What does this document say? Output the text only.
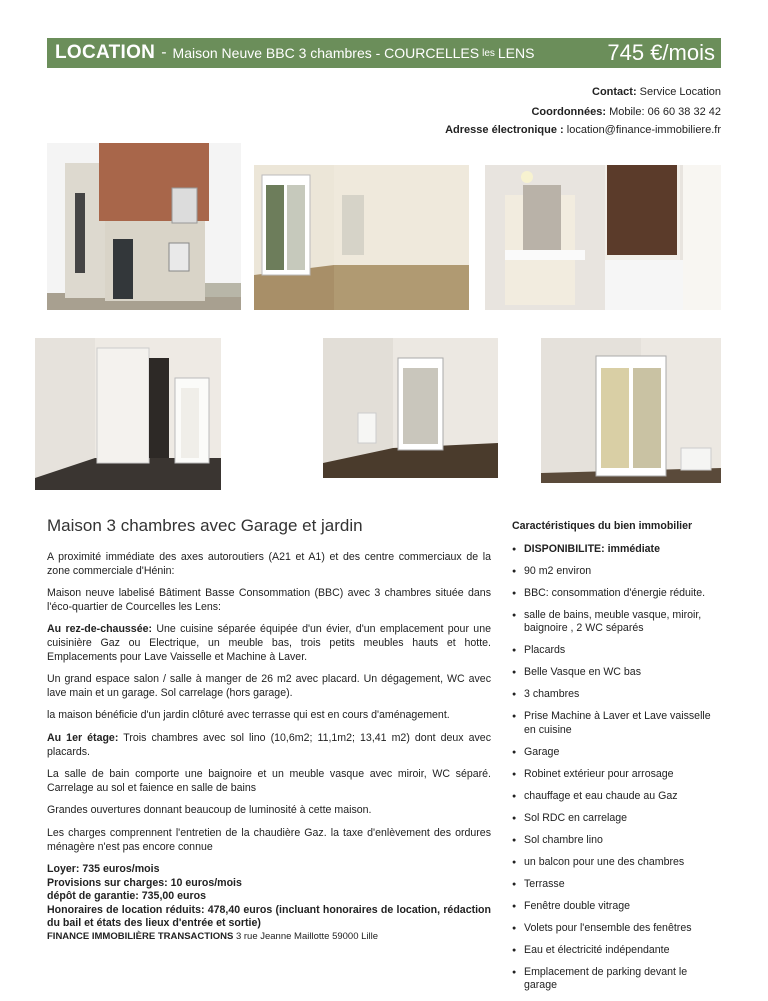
LOCATION - Maison Neuve BBC 3 chambres - COURCELLES les LENS	745 €/mois
Contact: Service Location
Coordonnées: Mobile: 06 60 38 32 42
Adresse électronique : location@finance-immobiliere.fr
Maison 3 chambres avec Garage et jardin

A proximité immédiate des axes autoroutiers (A21 et A1) et des centre commerciaux de la zone commerciale d'Hénin:

Maison neuve labelisé Bâtiment Basse Consommation (BBC) avec 3 chambres située dans l'éco-quartier de Courcelles les Lens:

Au rez-de-chaussée: Une cuisine séparée équipée d'un évier, d'un emplacement pour une cuisinière Gaz ou Electrique, un meuble bas, trois petits meubles hauts et hotte. Emplacements pour Lave Vaisselle et Machine à Laver.

Un grand espace salon / salle à manger de 26 m2 avec placard. Un dégagement, WC avec lave main et un garage. Sol carrelage (hors garage).

la maison bénéficie d'un jardin clôturé avec terrasse qui est en cours d'aménagement.

Au 1er étage: Trois chambres avec sol lino (10,6m2; 11,1m2; 13,41 m2) dont deux avec placards.

La salle de bain comporte une baignoire et un meuble vasque avec miroir, WC séparé. Carrelage au sol et faience en salle de bains

Grandes ouvertures donnant beaucoup de luminosité à cette maison.

Les charges comprennent l'entretien de la chaudière Gaz. la taxe d'enlèvement des ordures ménagère n'est pas encore connue

Loyer: 735 euros/mois
Provisions sur charges: 10 euros/mois
dépôt de garantie: 735,00 euros
Honoraires de location réduits: 478,40 euros (incluant honoraires de location, rédaction du bail et états des lieux d'entrée et sortie)
Caractéristiques du bien immobilier
● DISPONIBILITE: immédiate
● 90 m2 environ
● BBC: consommation d'énergie réduite.
● salle de bains, meuble vasque, miroir, baignoire , 2 WC séparés
● Placards
● Belle Vasque en WC bas
● 3 chambres
● Prise Machine à Laver et Lave vaisselle en cuisine
● Garage
● Robinet extérieur pour arrosage
● chauffage et eau chaude au Gaz
● Sol RDC en carrelage
● Sol chambre lino
● un balcon pour une des chambres
● Terrasse
● Fenêtre double vitrage
● Volets pour l'ensemble des fenêtres
● Eau et électricité indépendante
● Emplacement de parking devant le garage
FINANCE IMMOBILIÈRE TRANSACTIONS 3 rue Jeanne Maillotte 59000 Lille
